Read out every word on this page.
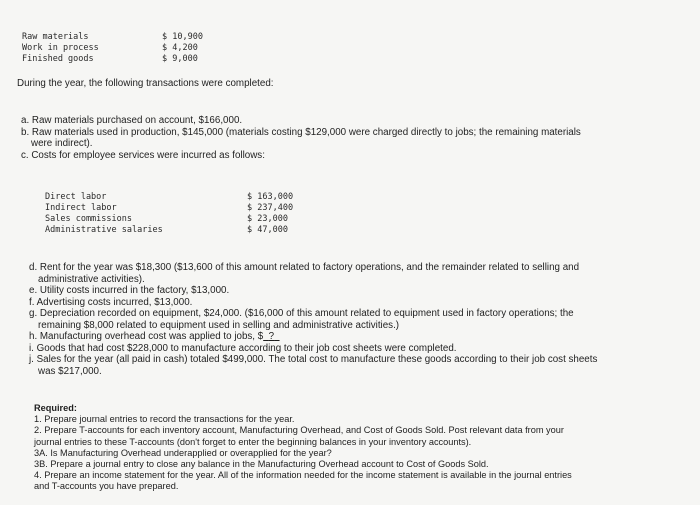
Raw materials	$ 10,900
Work in process	$ 4,200
Finished goods	$ 9,000
During the year, the following transactions were completed:
a. Raw materials purchased on account, $166,000.
b. Raw materials used in production, $145,000 (materials costing $129,000 were charged directly to jobs; the remaining materials
were indirect).
c. Costs for employee services were incurred as follows:
Direct labor	$ 163,000
Indirect labor	$ 237,400
Sales commissions	$ 23,000
Administrative salaries	$ 47,000
d. Rent for the year was $18,300 ($13,600 of this amount related to factory operations, and the remainder related to selling and
administrative activities).
e. Utility costs incurred in the factory, $13,000.
f. Advertising costs incurred, $13,000.
g. Depreciation recorded on equipment, $24,000. ($16,000 of this amount related to equipment used in factory operations; the
remaining $8,000 related to equipment used in selling and administrative activities.)
h. Manufacturing overhead cost was applied to jobs, $ ?
i. Goods that had cost $228,000 to manufacture according to their job cost sheets were completed.
j. Sales for the year (all paid in cash) totaled $499,000. The total cost to manufacture these goods according to their job cost sheets
was $217,000.
Required:
1. Prepare journal entries to record the transactions for the year.
2. Prepare T-accounts for each inventory account, Manufacturing Overhead, and Cost of Goods Sold. Post relevant data from your
journal entries to these T-accounts (don't forget to enter the beginning balances in your inventory accounts).
3A. Is Manufacturing Overhead underapplied or overapplied for the year?
3B. Prepare a journal entry to close any balance in the Manufacturing Overhead account to Cost of Goods Sold.
4. Prepare an income statement for the year. All of the information needed for the income statement is available in the journal entries
and T-accounts you have prepared.
